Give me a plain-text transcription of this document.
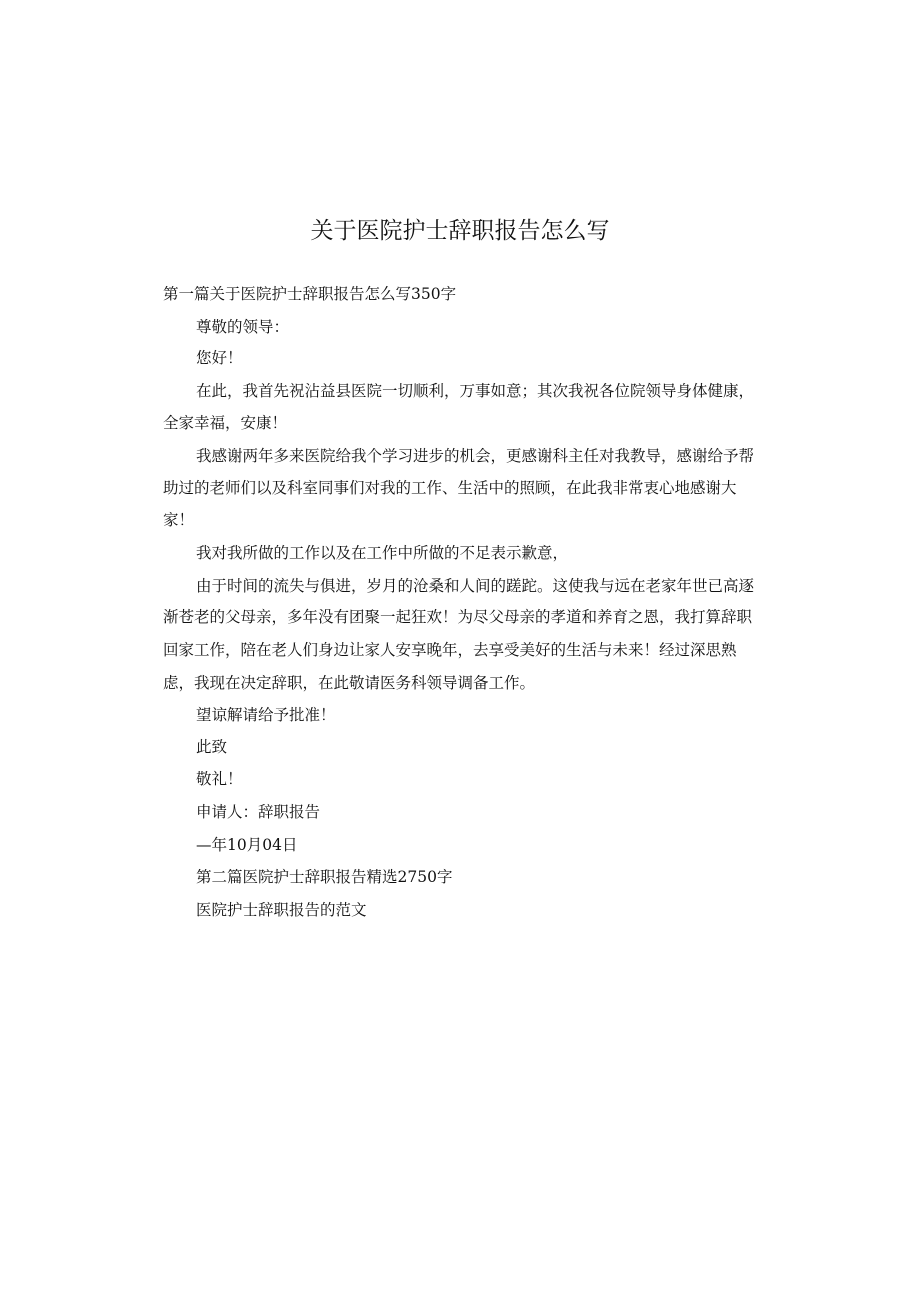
关于医院护士辞职报告怎么写

第一篇关于医院护士辞职报告怎么写350字

尊敬的领导：

您好！

在此，我首先祝沾益县医院一切顺利，万事如意；其次我祝各位院领导身体健康，

全家幸福，安康！

我感谢两年多来医院给我个学习进步的机会，更感谢科主任对我教导，感谢给予帮

助过的老师们以及科室同事们对我的工作、生活中的照顾，在此我非常衷心地感谢大

家！

我对我所做的工作以及在工作中所做的不足表示歉意，

由于时间的流失与俱进，岁月的沧桑和人间的蹉跎。这使我与远在老家年世已高逐

渐苍老的父母亲，多年没有团聚一起狂欢！为尽父母亲的孝道和养育之恩，我打算辞职

回家工作，陪在老人们身边让家人安享晚年，去享受美好的生活与未来！经过深思熟

虑，我现在决定辞职，在此敬请医务科领导调备工作。

望谅解请给予批准！

此致

敬礼！

申请人：辞职报告

—年10月04日

第二篇医院护士辞职报告精选2750字

医院护士辞职报告的范文
